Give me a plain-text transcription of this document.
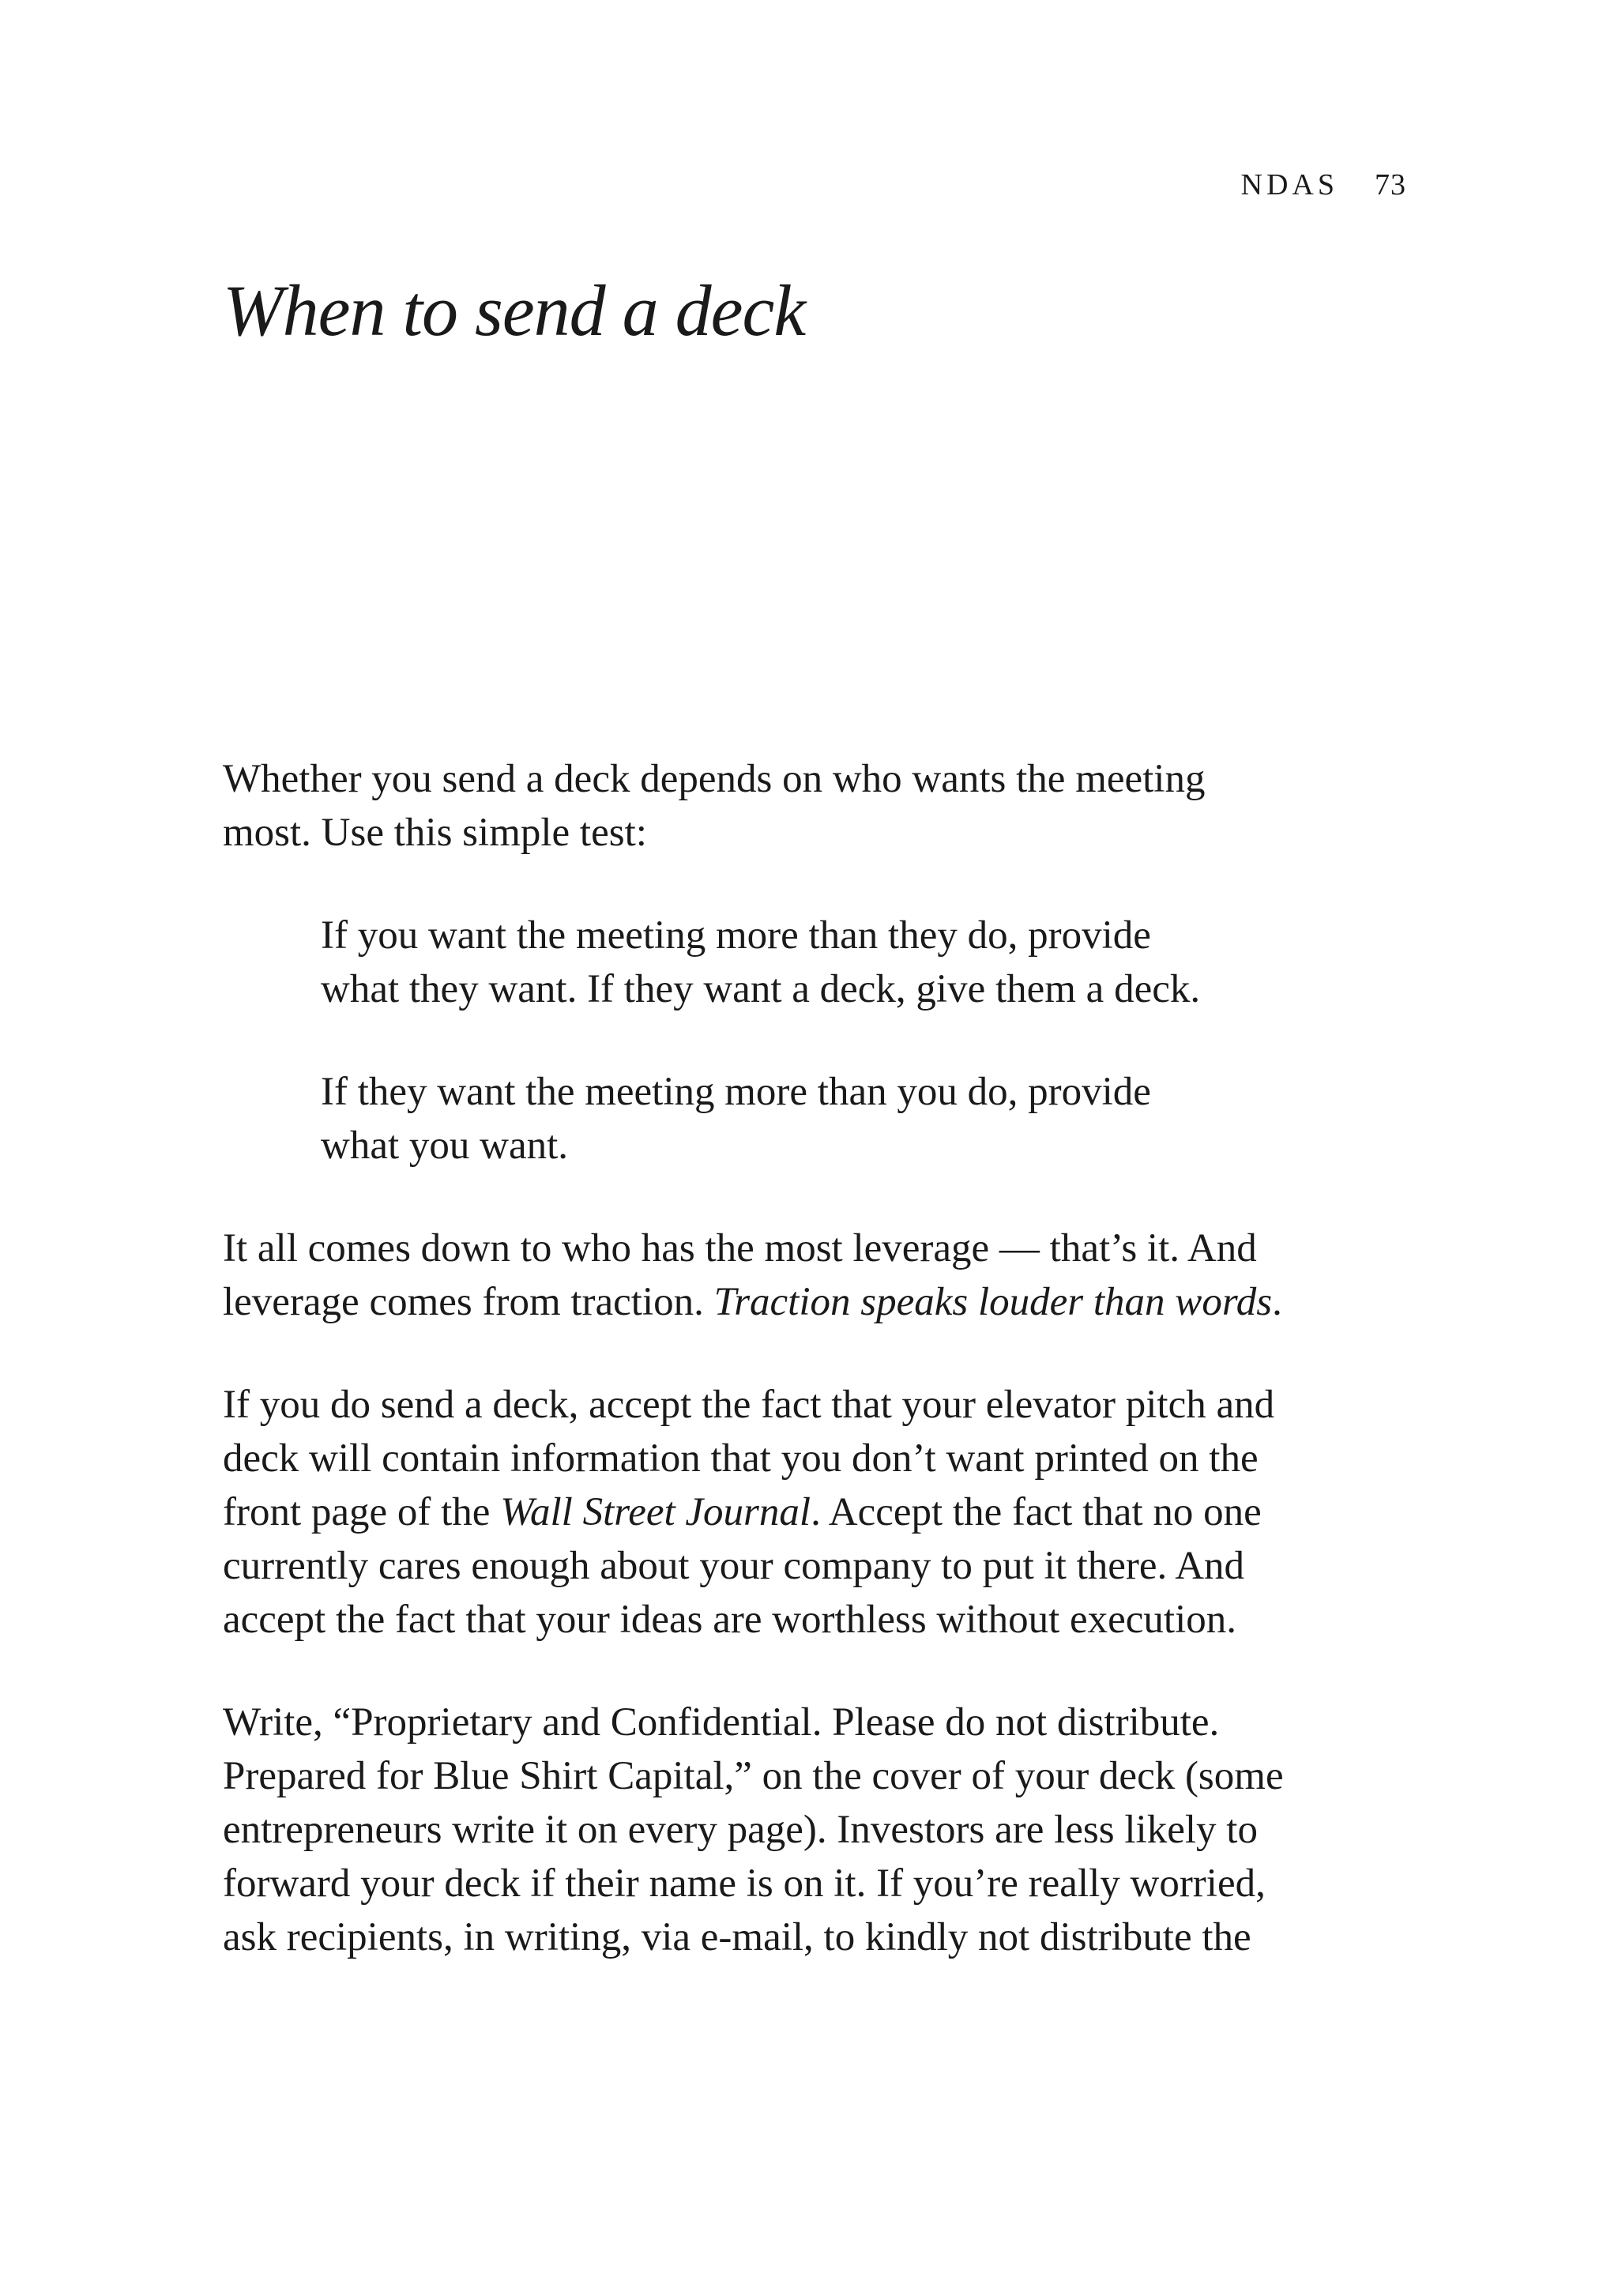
NDAS 73
When to send a deck

Whether you send a deck depends on who wants the meeting
most. Use this simple test:

If you want the meeting more than they do, provide
what they want. If they want a deck, give them a deck.

If they want the meeting more than you do, provide
what you want.

It all comes down to who has the most leverage — that’s it. And
leverage comes from traction. Traction speaks louder than words.

If you do send a deck, accept the fact that your elevator pitch and
deck will contain information that you don’t want printed on the
front page of the Wall Street Journal. Accept the fact that no one
currently cares enough about your company to put it there. And
accept the fact that your ideas are worthless without execution.

Write, “Proprietary and Confidential. Please do not distribute.
Prepared for Blue Shirt Capital,” on the cover of your deck (some
entrepreneurs write it on every page). Investors are less likely to
forward your deck if their name is on it. If you’re really worried,
ask recipients, in writing, via e-mail, to kindly not distribute the
